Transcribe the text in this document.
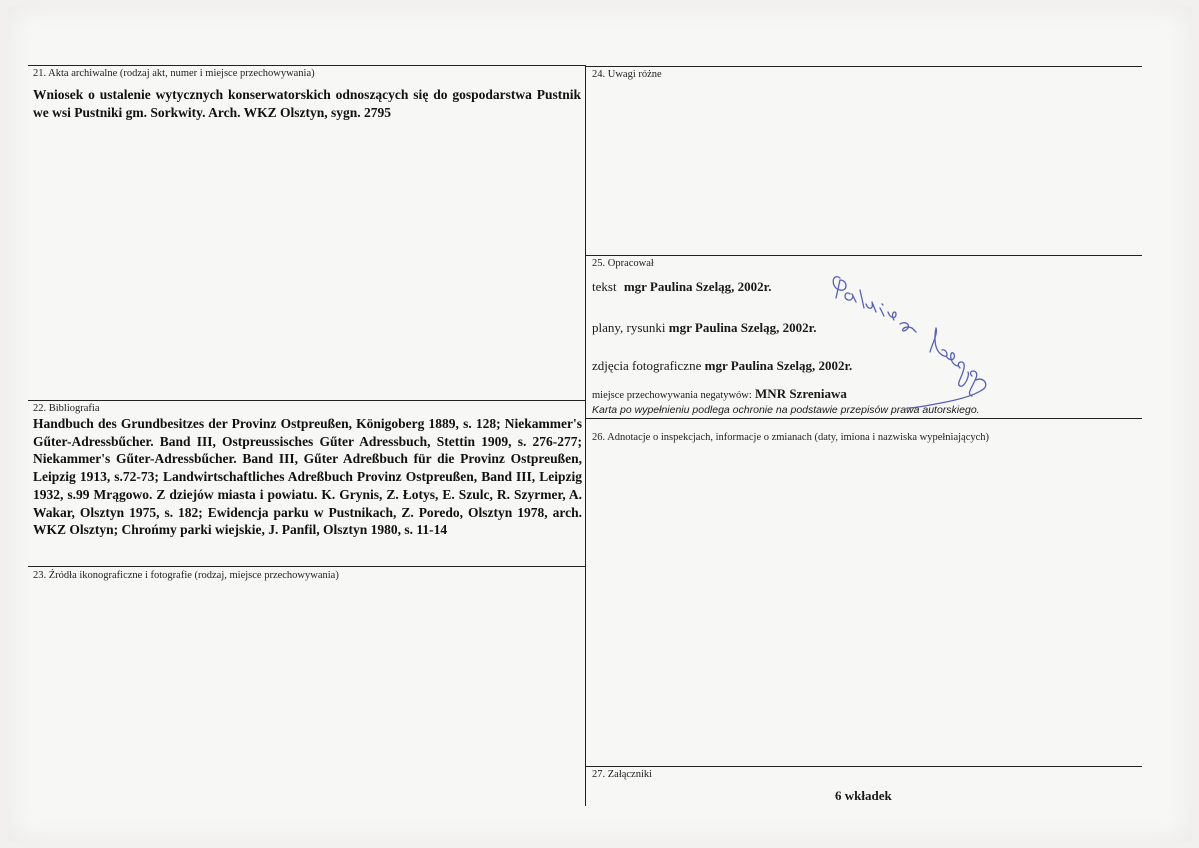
21. Akta archiwalne (rodzaj akt, numer i miejsce przechowywania)
Wniosek o ustalenie wytycznych konserwatorskich odnoszących się do gospodarstwa Pustnik we wsi Pustniki gm. Sorkwity. Arch. WKZ Olsztyn, sygn. 2795
22. Bibliografia
Handbuch des Grundbesitzes der Provinz Ostpreußen, Königoberg 1889, s. 128; Niekammer's Gűter-Adressbűcher. Band III, Ostpreussisches Gűter Adressbuch, Stettin 1909, s. 276-277; Niekammer's Gűter-Adressbűcher. Band III, Gűter Adreßbuch für die Provinz Ostpreußen, Leipzig 1913, s.72-73; Landwirtschaftliches Adreßbuch Provinz Ostpreußen, Band III, Leipzig 1932, s.99 Mrągowo. Z dziejów miasta i powiatu. K. Grynis, Z. Łotys, E. Szulc, R. Szyrmer, A. Wakar, Olsztyn 1975, s. 182; Ewidencja parku w Pustnikach, Z. Poredo, Olsztyn 1978, arch. WKZ Olsztyn; Chrońmy parki wiejskie, J. Panfil, Olsztyn 1980, s. 11-14
23. Źródła ikonograficzne i fotografie (rodzaj, miejsce przechowywania)
24. Uwagi różne
25. Opracował
tekst mgr Paulina Szeląg, 2002r.
plany, rysunki mgr Paulina Szeląg, 2002r.
zdjęcia fotograficzne mgr Paulina Szeląg, 2002r.
miejsce przechowywania negatywów: MNR Szreniawa
Karta po wypełnieniu podlega ochronie na podstawie przepisów prawa autorskiego.
26. Adnotacje o inspekcjach, informacje o zmianach (daty, imiona i nazwiska wypełniających)
27. Załączniki
6 wkładek
